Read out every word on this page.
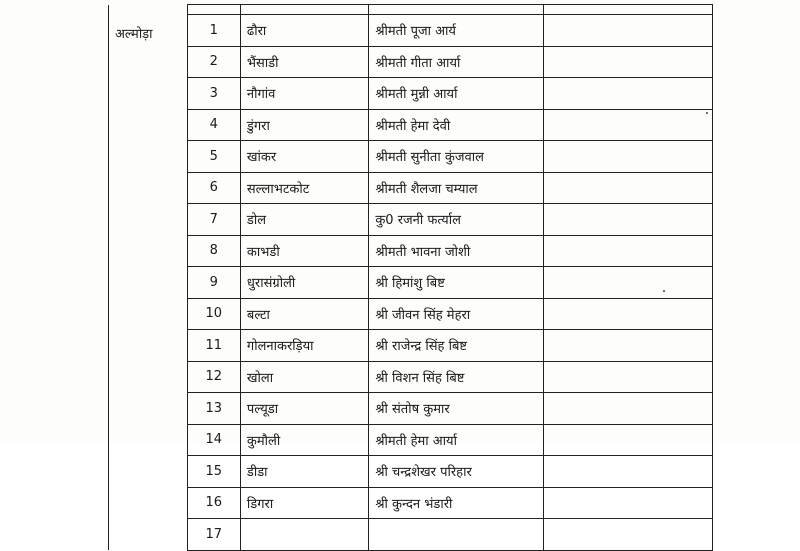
अल्मोड़ा	1	ढौरा	श्रीमती पूजा आर्य	
	2	भैंसाडी	श्रीमती गीता आर्या	
	3	नौगांव	श्रीमती मुन्नी आर्या	
	4	डुंगरा	श्रीमती हेमा देवी	
	5	खांकर	श्रीमती सुनीता कुंजवाल	
	6	सल्लाभटकोट	श्रीमती शैलजा चम्याल	
	7	डोल	कु0 रजनी फर्त्याल	
	8	काभडी	श्रीमती भावना जोशी	
	9	धुरासंग्रोली	श्री हिमांशु बिष्ट	
	10	बल्टा	श्री जीवन सिंह मेहरा	
	11	गोलनाकरड़िया	श्री राजेन्द्र सिंह बिष्ट	
	12	खोला	श्री विशन सिंह बिष्ट	
	13	पल्यूडा	श्री संतोष कुमार	
	14	कुमौली	श्रीमती हेमा आर्या	
	15	डीडा	श्री चन्द्रशेखर परिहार	
	16	डिगरा	श्री कुन्दन भंडारी	
	17			
